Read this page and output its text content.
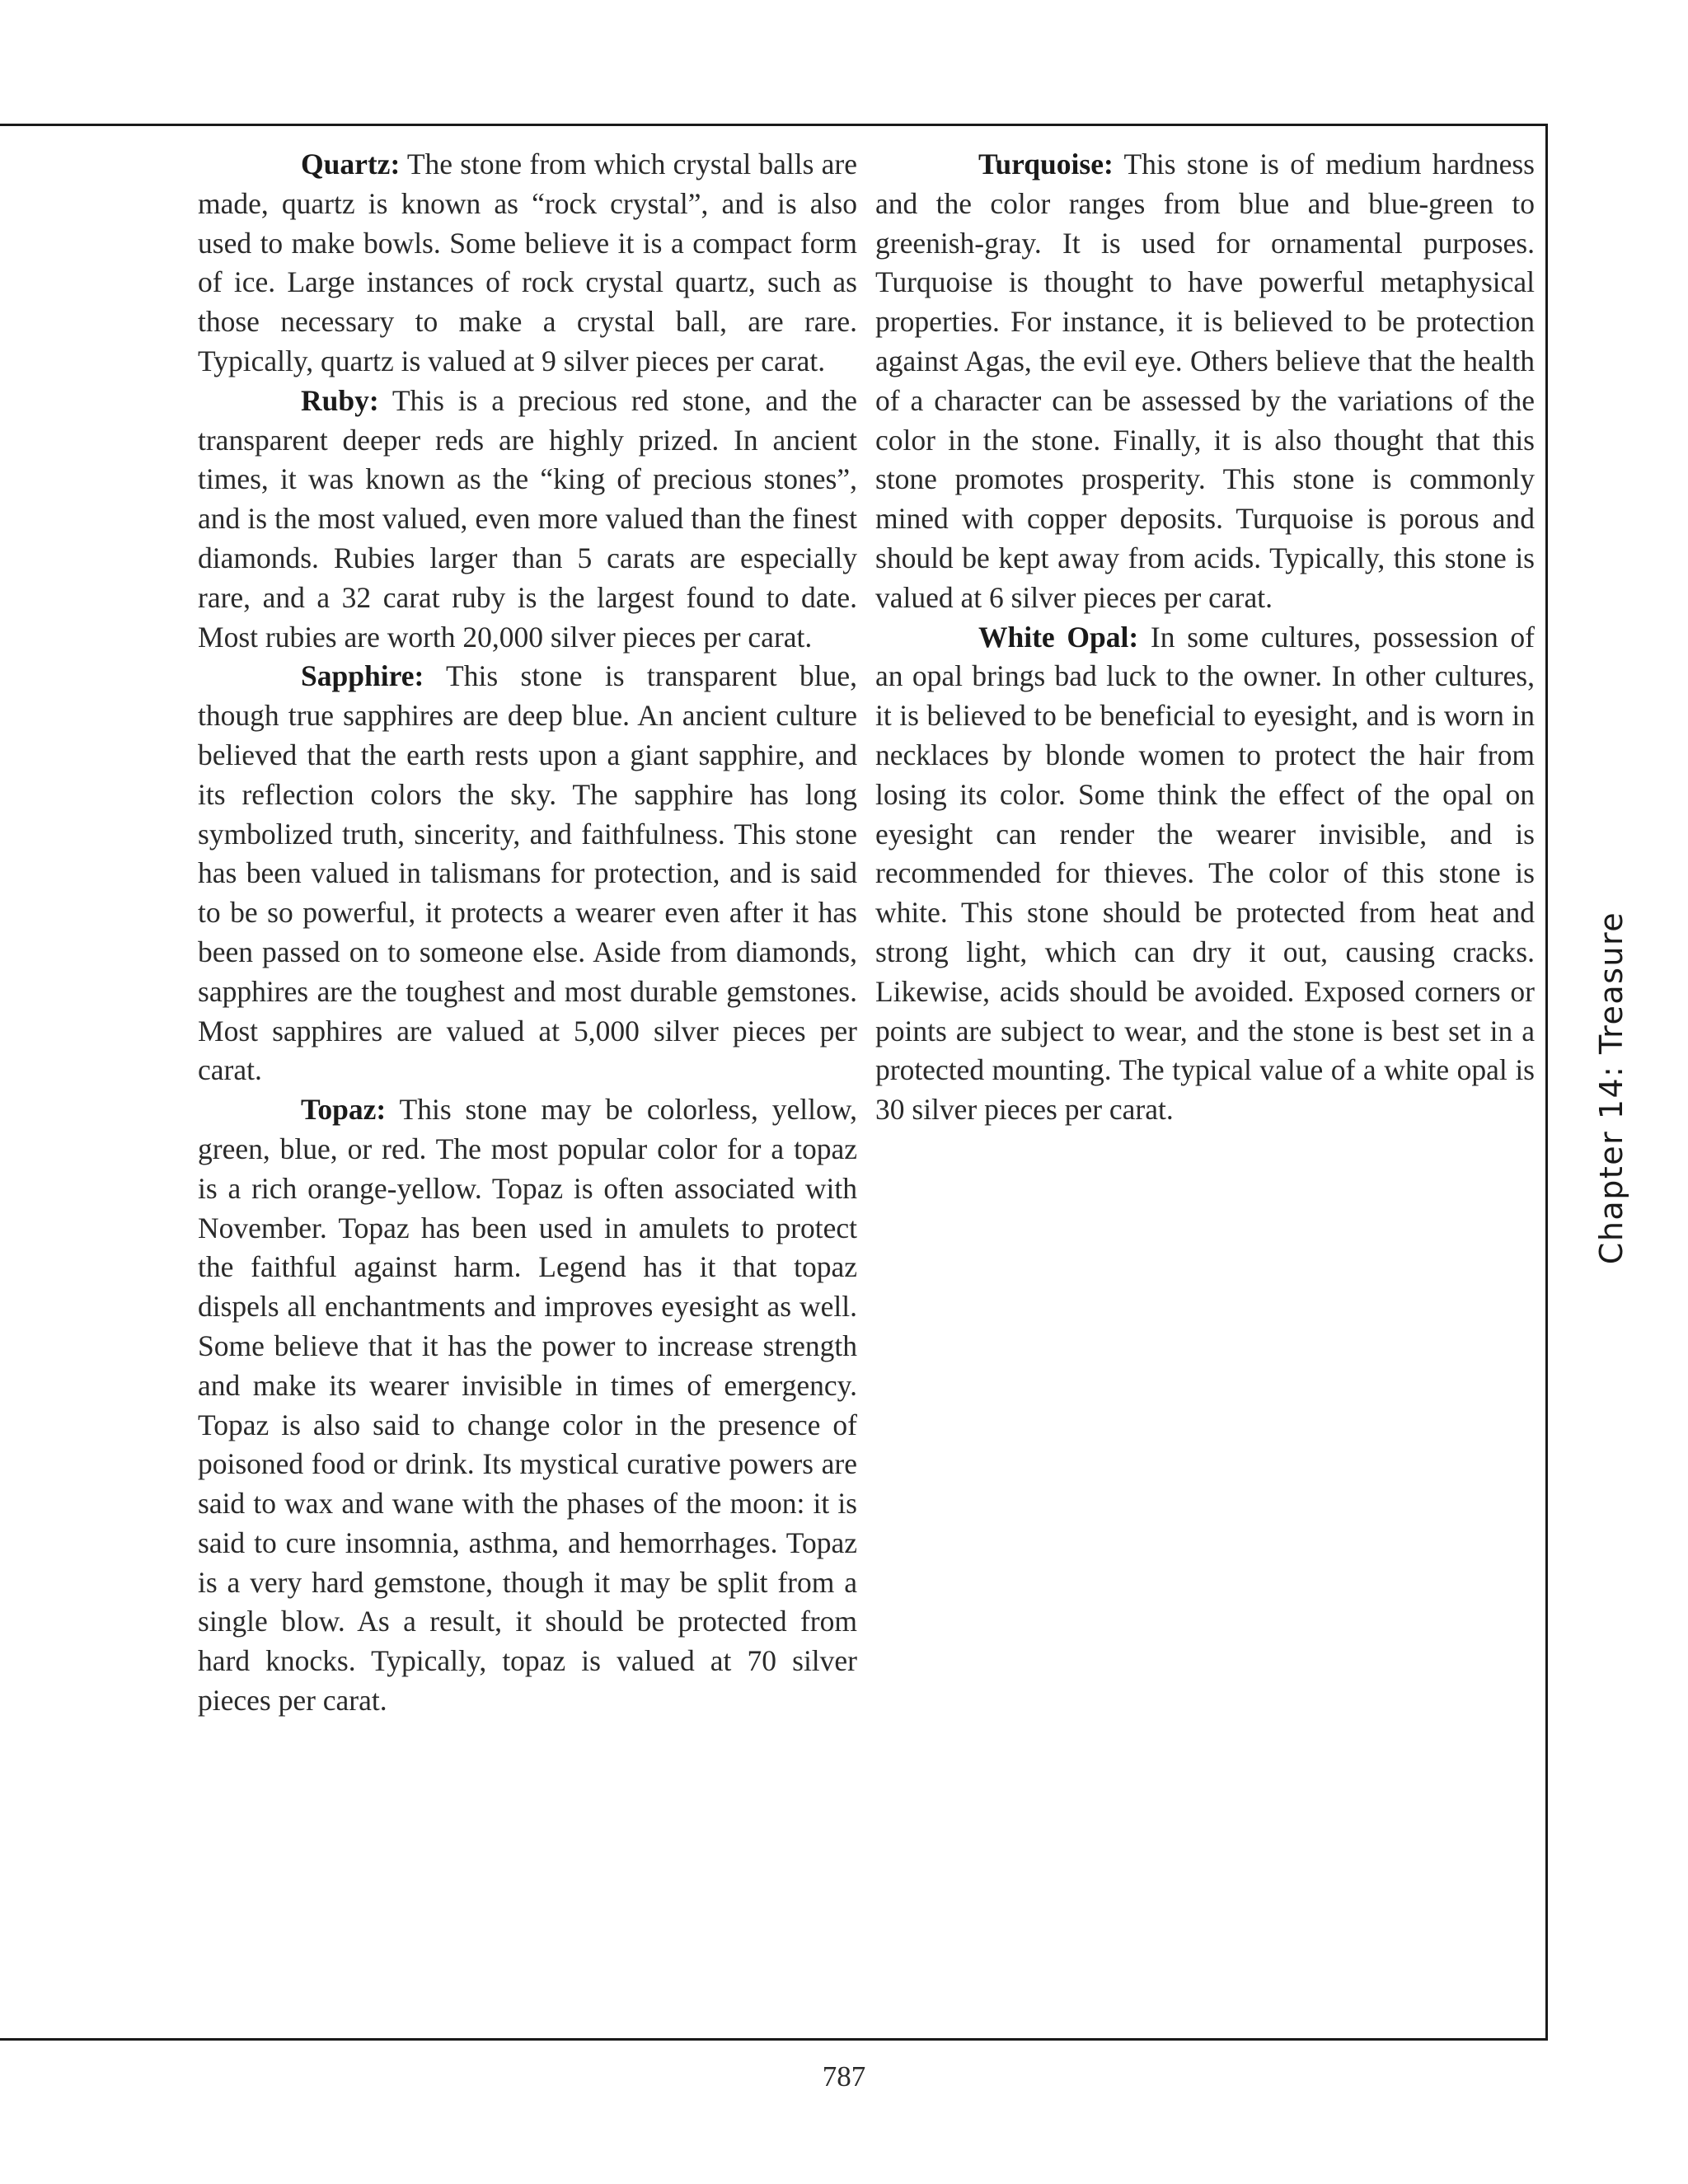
Quartz: The stone from which crystal balls are made, quartz is known as “rock crystal”, and is also used to make bowls. Some believe it is a compact form of ice. Large instances of rock crystal quartz, such as those necessary to make a crystal ball, are rare. Typically, quartz is valued at 9 silver pieces per carat.

Ruby: This is a precious red stone, and the transparent deeper reds are highly prized. In ancient times, it was known as the “king of precious stones”, and is the most valued, even more valued than the finest diamonds. Rubies larger than 5 carats are especially rare, and a 32 carat ruby is the largest found to date. Most rubies are worth 20,000 silver pieces per carat.

Sapphire: This stone is transparent blue, though true sapphires are deep blue. An ancient culture believed that the earth rests upon a giant sapphire, and its reflection colors the sky. The sapphire has long symbolized truth, sincerity, and faithfulness. This stone has been valued in talismans for protection, and is said to be so powerful, it protects a wearer even after it has been passed on to someone else. Aside from diamonds, sapphires are the toughest and most durable gemstones. Most sapphires are valued at 5,000 silver pieces per carat.

Topaz: This stone may be colorless, yellow, green, blue, or red. The most popular color for a topaz is a rich orange-yellow. Topaz is often associated with November. Topaz has been used in amulets to protect the faithful against harm. Legend has it that topaz dispels all enchantments and improves eyesight as well. Some believe that it has the power to increase strength and make its wearer invisible in times of emergency. Topaz is also said to change color in the presence of poisoned food or drink. Its mystical curative powers are said to wax and wane with the phases of the moon: it is said to cure insomnia, asthma, and hemorrhages. Topaz is a very hard gemstone, though it may be split from a single blow. As a result, it should be protected from hard knocks. Typically, topaz is valued at 70 silver pieces per carat.

Turquoise: This stone is of medium hardness and the color ranges from blue and blue-green to greenish-gray. It is used for ornamental purposes. Turquoise is thought to have powerful metaphysical properties. For instance, it is believed to be protection against Agas, the evil eye. Others believe that the health of a character can be assessed by the variations of the color in the stone. Finally, it is also thought that this stone promotes prosperity. This stone is commonly mined with copper deposits. Turquoise is porous and should be kept away from acids. Typically, this stone is valued at 6 silver pieces per carat.

White Opal: In some cultures, possession of an opal brings bad luck to the owner. In other cultures, it is believed to be beneficial to eyesight, and is worn in necklaces by blonde women to protect the hair from losing its color. Some think the effect of the opal on eyesight can render the wearer invisible, and is recommended for thieves. The color of this stone is white. This stone should be protected from heat and strong light, which can dry it out, causing cracks. Likewise, acids should be avoided. Exposed corners or points are subject to wear, and the stone is best set in a protected mounting. The typical value of a white opal is 30 silver pieces per carat.	Chapter 14: Treasure
787
